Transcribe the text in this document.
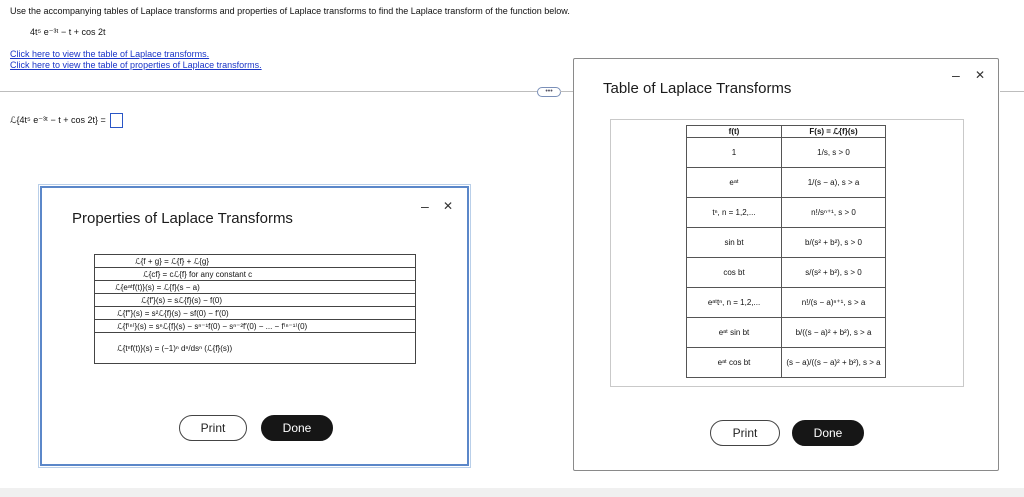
Use the accompanying tables of Laplace transforms and properties of Laplace transforms to find the Laplace transform of the function below.
4t⁵ e⁻³ᵗ − t + cos 2t
Click here to view the table of Laplace transforms.
Click here to view the table of properties of Laplace transforms.
•••
ℒ{4t⁵ e⁻³ᵗ − t + cos 2t} =
Properties of Laplace Transforms
– ✕
ℒ{f + g} = ℒ{f} + ℒ{g}
ℒ{cf} = cℒ{f} for any constant c
ℒ{eᵃᵗf(t)}(s) = ℒ{f}(s − a)
ℒ{f′}(s) = sℒ{f}(s) − f(0)
ℒ{f″}(s) = s²ℒ{f}(s) − sf(0) − f′(0)
ℒ{f⁽ⁿ⁾}(s) = sⁿℒ{f}(s) − sⁿ⁻¹f(0) − sⁿ⁻²f′(0) − ... − f⁽ⁿ⁻¹⁾(0)
ℒ{tⁿf(t)}(s) = (−1)ⁿ dⁿ/dsⁿ (ℒ{f}(s))
Print	Done
Table of Laplace Transforms
– ✕
f(t)	F(s) = ℒ{f}(s)
1	1/s, s > 0
eᵃᵗ	1/(s − a), s > a
tⁿ, n = 1,2,...	n!/sⁿ⁺¹, s > 0
sin bt	b/(s² + b²), s > 0
cos bt	s/(s² + b²), s > 0
eᵃᵗtⁿ, n = 1,2,...	n!/(s − a)ⁿ⁺¹, s > a
eᵃᵗ sin bt	b/((s − a)² + b²), s > a
eᵃᵗ cos bt	(s − a)/((s − a)² + b²), s > a
Print	Done
